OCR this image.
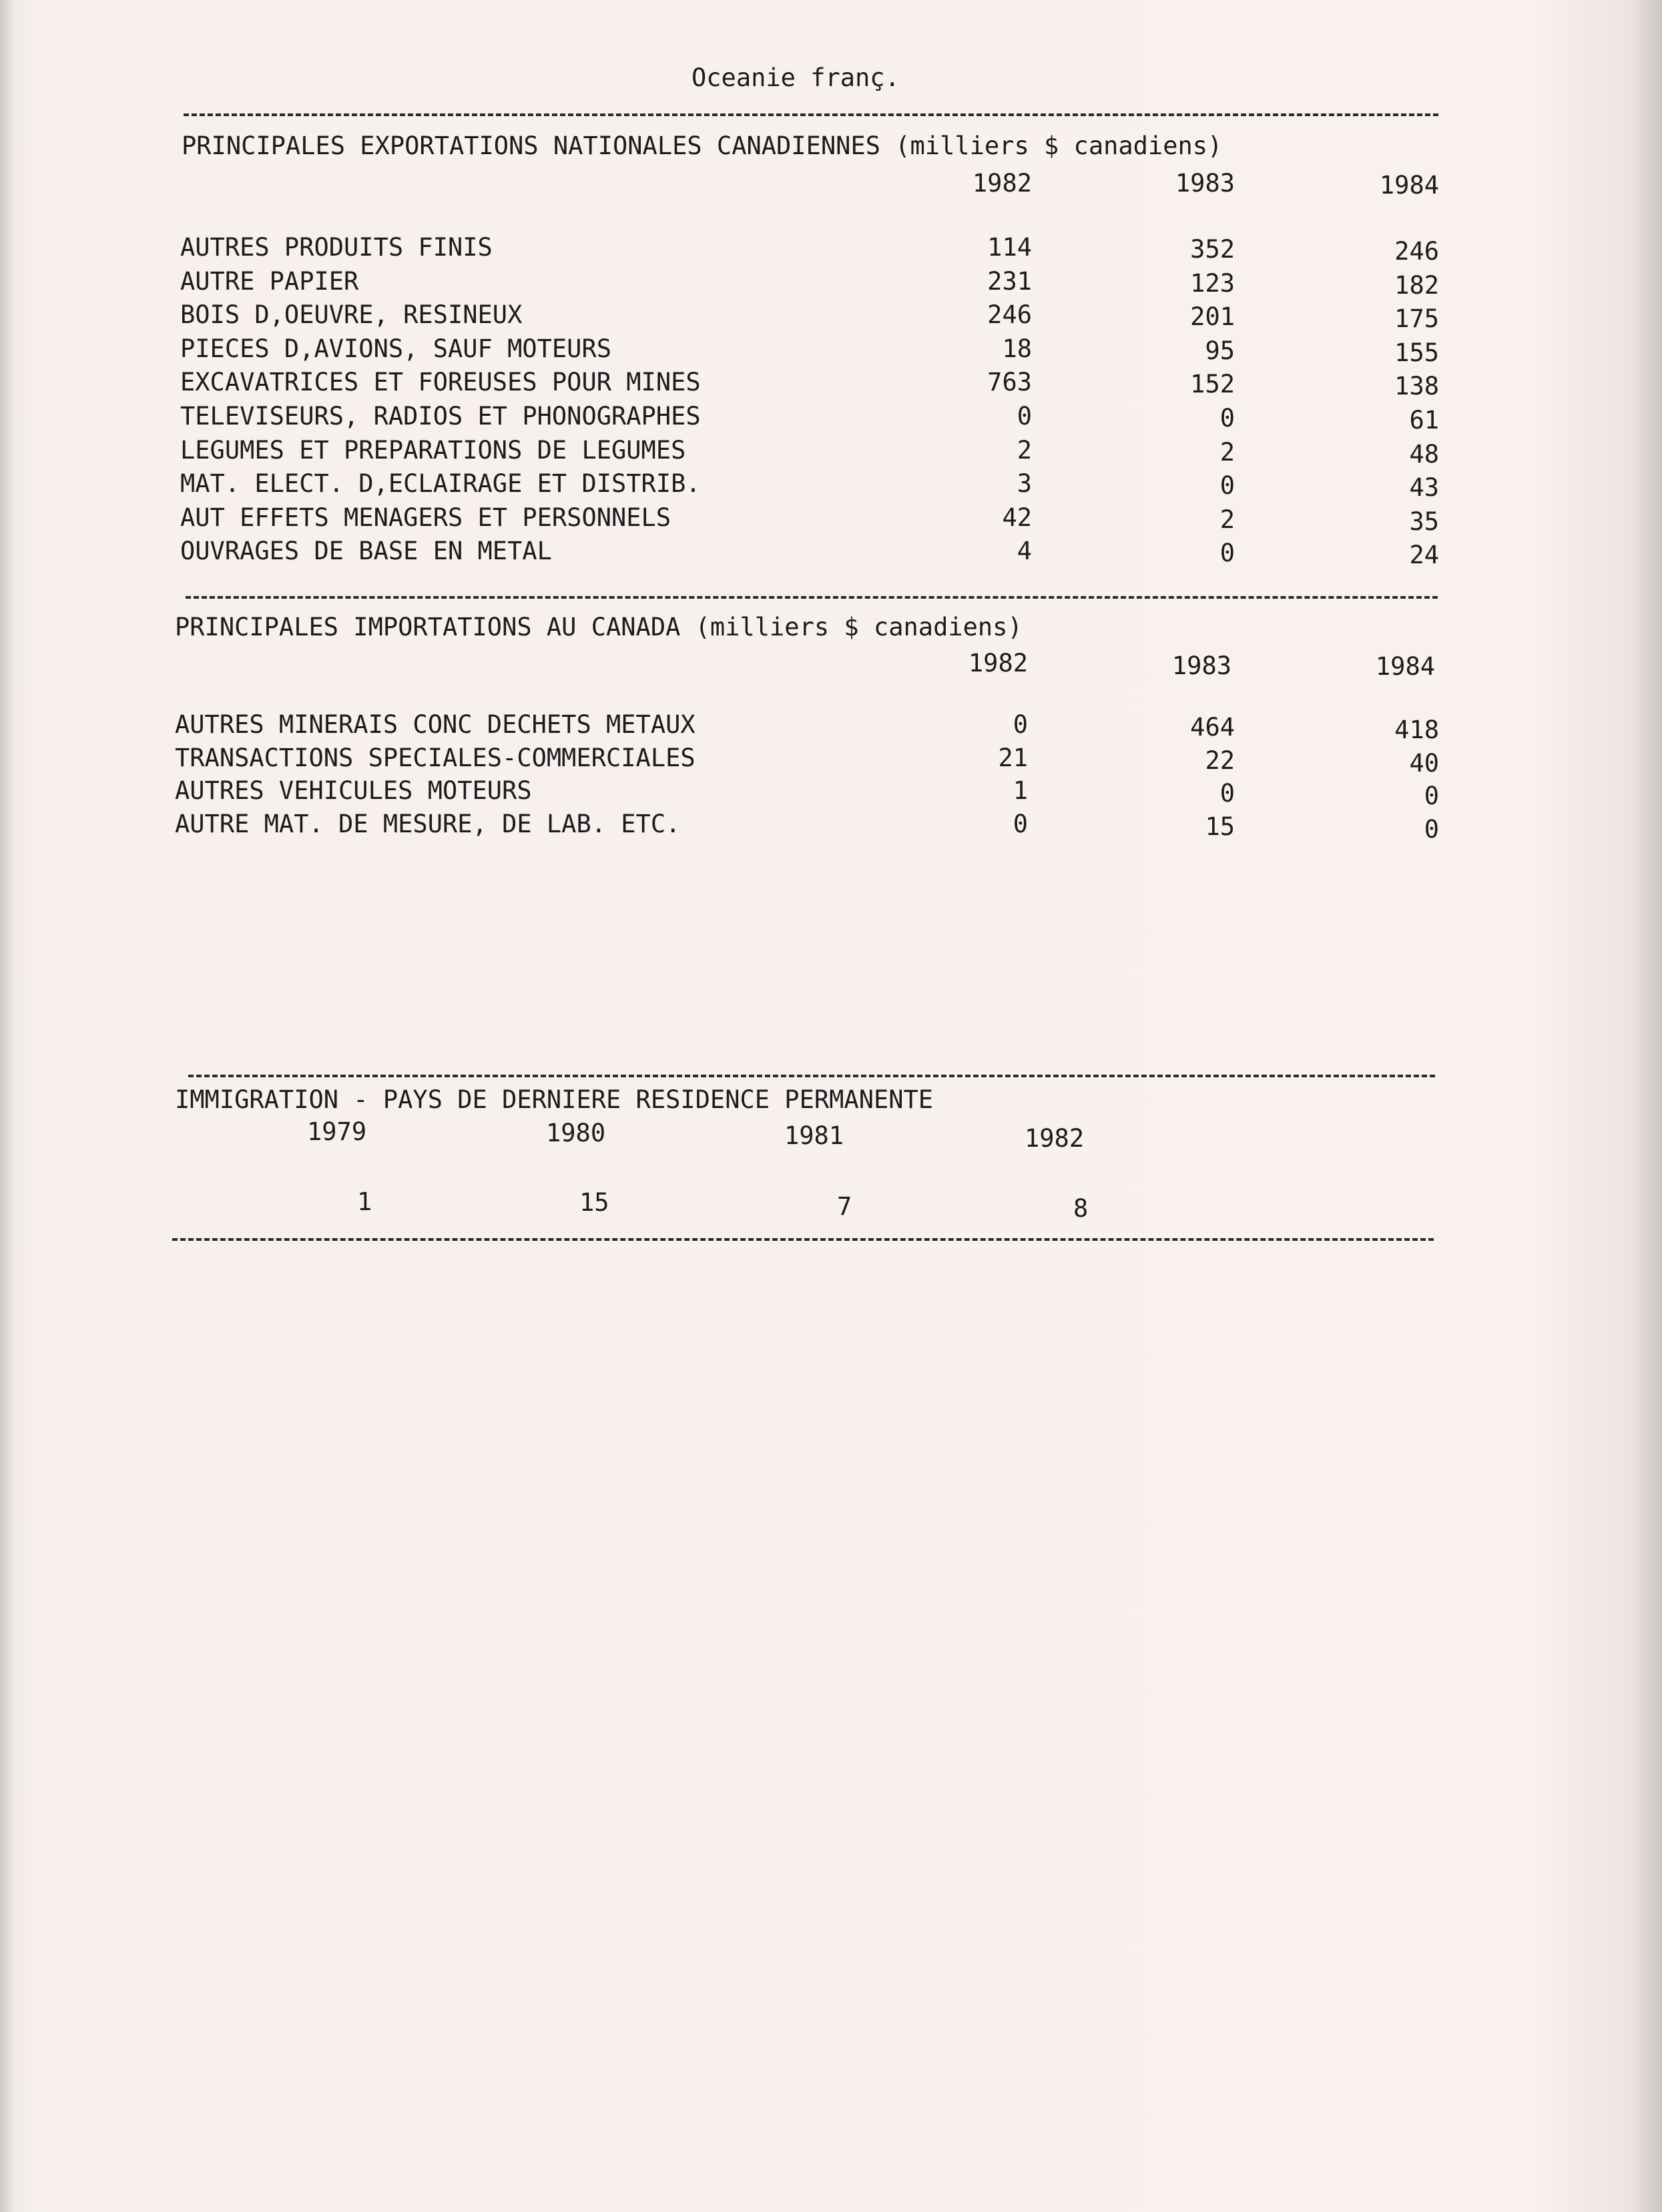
Oceanie franç.
PRINCIPALES EXPORTATIONS NATIONALES CANADIENNES (milliers $ canadiens)
1982	1983	1984
AUTRES PRODUITS FINIS	114	352	246
AUTRE PAPIER	231	123	182
BOIS D,OEUVRE, RESINEUX	246	201	175
PIECES D,AVIONS, SAUF MOTEURS	18	95	155
EXCAVATRICES ET FOREUSES POUR MINES	763	152	138
TELEVISEURS, RADIOS ET PHONOGRAPHES	0	0	61
LEGUMES ET PREPARATIONS DE LEGUMES	2	2	48
MAT. ELECT. D,ECLAIRAGE ET DISTRIB.	3	0	43
AUT EFFETS MENAGERS ET PERSONNELS	42	2	35
OUVRAGES DE BASE EN METAL	4	0	24
PRINCIPALES IMPORTATIONS AU CANADA (milliers $ canadiens)
1982	1983	1984
AUTRES MINERAIS CONC DECHETS METAUX	0	464	418
TRANSACTIONS SPECIALES-COMMERCIALES	21	22	40
AUTRES VEHICULES MOTEURS	1	0	0
AUTRE MAT. DE MESURE, DE LAB. ETC.	0	15	0
IMMIGRATION - PAYS DE DERNIERE RESIDENCE PERMANENTE
1979	1980	1981	1982
1	15	7	8
